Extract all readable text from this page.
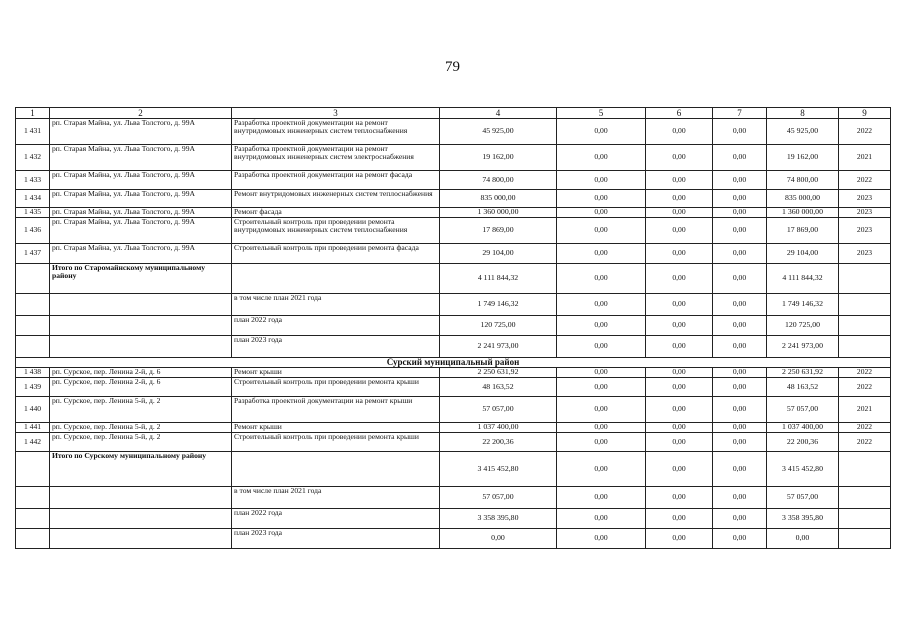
79
1	2	3	4	5	6	7	8	9
1 431	рп. Старая Майна, ул. Льва Толстого, д. 99А	Разработка проектной документации на ремонт внутридомовых инженерных систем теплоснабжения	45 925,00	0,00	0,00	0,00	45 925,00	2022
1 432	рп. Старая Майна, ул. Льва Толстого, д. 99А	Разработка проектной документации на ремонт внутридомовых инженерных систем электроснабжения	19 162,00	0,00	0,00	0,00	19 162,00	2021
1 433	рп. Старая Майна, ул. Льва Толстого, д. 99А	Разработка проектной документации на ремонт фасада	74 800,00	0,00	0,00	0,00	74 800,00	2022
1 434	рп. Старая Майна, ул. Льва Толстого, д. 99А	Ремонт внутридомовых инженерных систем теплоснабжения	835 000,00	0,00	0,00	0,00	835 000,00	2023
1 435	рп. Старая Майна, ул. Льва Толстого, д. 99А	Ремонт фасада	1 360 000,00	0,00	0,00	0,00	1 360 000,00	2023
1 436	рп. Старая Майна, ул. Льва Толстого, д. 99А	Строительный контроль при проведении ремонта внутридомовых инженерных систем теплоснабжения	17 869,00	0,00	0,00	0,00	17 869,00	2023
1 437	рп. Старая Майна, ул. Льва Толстого, д. 99А	Строительный контроль при проведении ремонта фасада	29 104,00	0,00	0,00	0,00	29 104,00	2023
	Итого по Старомайнскому муниципальному району		4 111 844,32	0,00	0,00	0,00	4 111 844,32	
		в том числе план 2021 года	1 749 146,32	0,00	0,00	0,00	1 749 146,32	
		план 2022 года	120 725,00	0,00	0,00	0,00	120 725,00	
		план 2023 года	2 241 973,00	0,00	0,00	0,00	2 241 973,00	
Сурский муниципальный район								
1 438	рп. Сурское, пер. Ленина 2-й, д. 6	Ремонт крыши	2 250 631,92	0,00	0,00	0,00	2 250 631,92	2022
1 439	рп. Сурское, пер. Ленина 2-й, д. 6	Строительный контроль при проведении ремонта крыши	48 163,52	0,00	0,00	0,00	48 163,52	2022
1 440	рп. Сурское, пер. Ленина 5-й, д. 2	Разработка проектной документации на ремонт крыши	57 057,00	0,00	0,00	0,00	57 057,00	2021
1 441	рп. Сурское, пер. Ленина 5-й, д. 2	Ремонт крыши	1 037 400,00	0,00	0,00	0,00	1 037 400,00	2022
1 442	рп. Сурское, пер. Ленина 5-й, д. 2	Строительный контроль при проведении ремонта крыши	22 200,36	0,00	0,00	0,00	22 200,36	2022
	Итого по Сурскому муниципальному району		3 415 452,80	0,00	0,00	0,00	3 415 452,80	
		в том числе план 2021 года	57 057,00	0,00	0,00	0,00	57 057,00	
		план 2022 года	3 358 395,80	0,00	0,00	0,00	3 358 395,80	
		план 2023 года	0,00	0,00	0,00	0,00	0,00	
